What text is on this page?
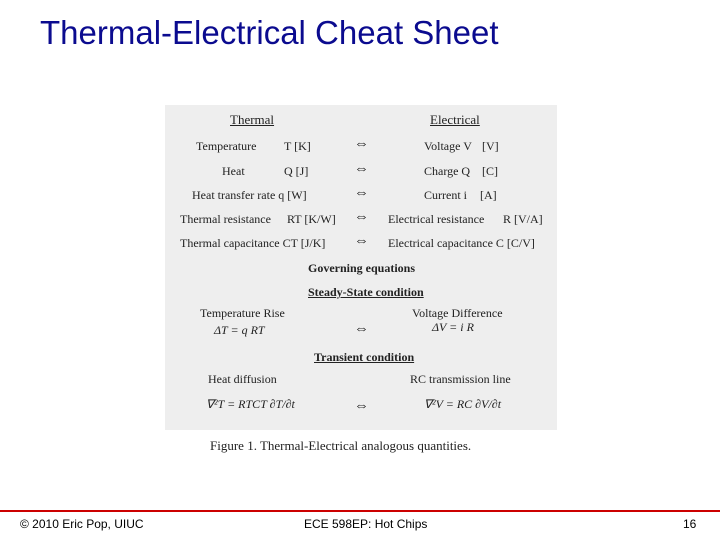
Thermal-Electrical Cheat Sheet
Thermal	Electrical
Temperature T [K]	⇔	Voltage V [V]
Heat	Q [J]	⇔	Charge Q [C]
Heat transfer rate q [W]	⇔	Current i [A]
Thermal resistance RT [K/W] ⇔ Electrical resistance R [V/A]
Thermal capacitance CT [J/K] ⇔ Electrical capacitance C [C/V]
Governing equations
Steady-State condition
Temperature Rise	Voltage Difference
ΔT = q RT	⇔	ΔV = i R
Transient condition
Heat diffusion	RC transmission line
∇²T = RTCT ∂T/∂t	⇔	∇²V = RC ∂V/∂t
Figure 1. Thermal-Electrical analogous quantities.
© 2010 Eric Pop, UIUC	ECE 598EP: Hot Chips	16
